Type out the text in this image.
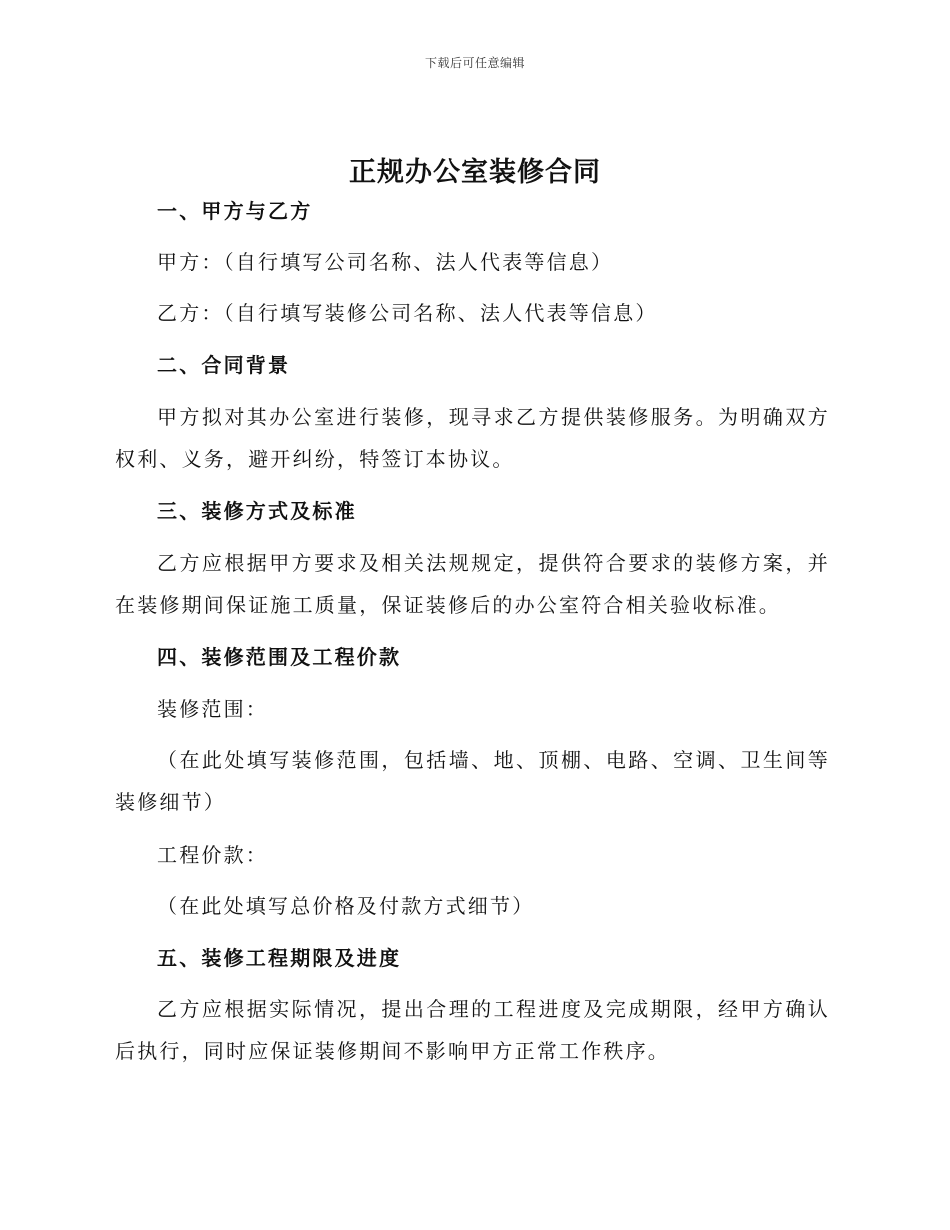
下载后可任意编辑
正规办公室装修合同
一、甲方与乙方
甲方：（自行填写公司名称、法人代表等信息）
乙方：（自行填写装修公司名称、法人代表等信息）
二、合同背景
甲方拟对其办公室进行装修，现寻求乙方提供装修服务。为明确双方权利、义务，避开纠纷，特签订本协议。
三、装修方式及标准
乙方应根据甲方要求及相关法规规定，提供符合要求的装修方案，并在装修期间保证施工质量，保证装修后的办公室符合相关验收标准。
四、装修范围及工程价款
装修范围：
（在此处填写装修范围，包括墙、地、顶棚、电路、空调、卫生间等装修细节）
工程价款：
（在此处填写总价格及付款方式细节）
五、装修工程期限及进度
乙方应根据实际情况，提出合理的工程进度及完成期限，经甲方确认后执行，同时应保证装修期间不影响甲方正常工作秩序。
